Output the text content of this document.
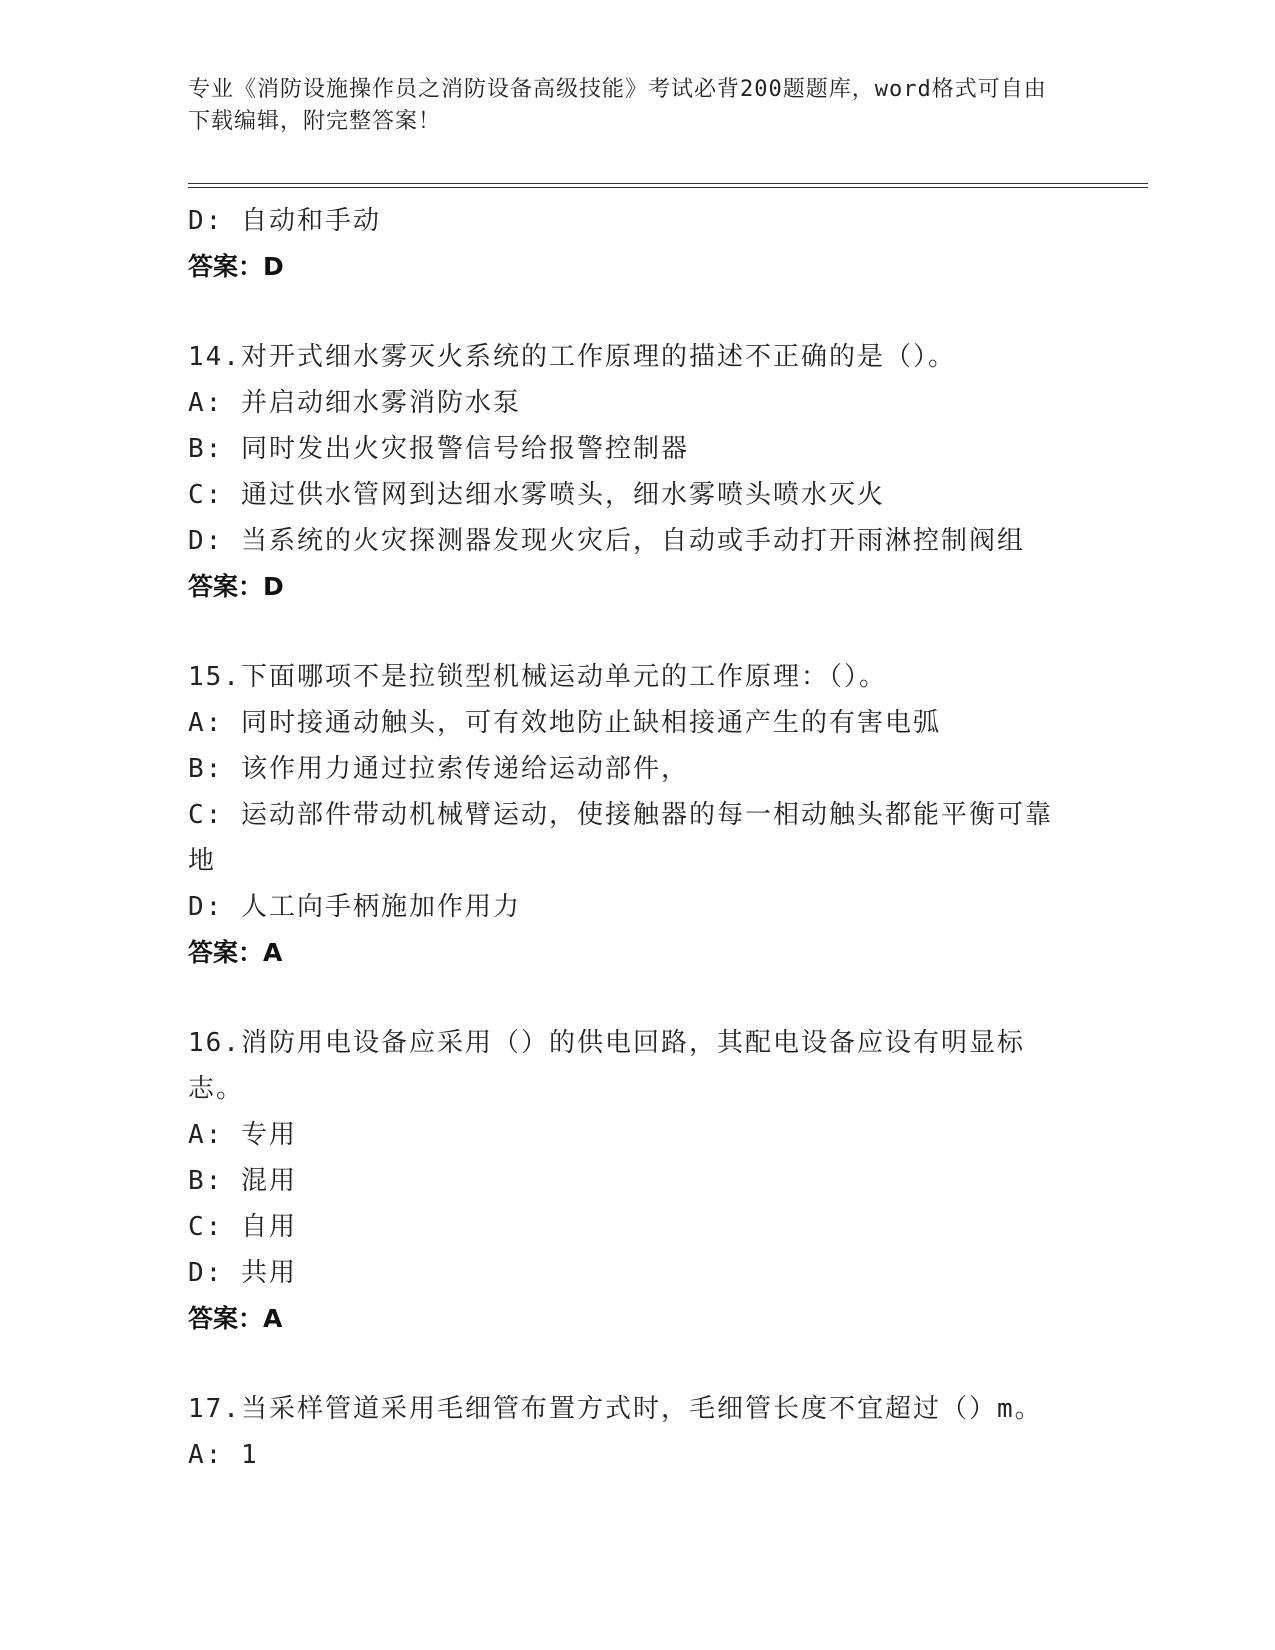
专业《消防设施操作员之消防设备高级技能》考试必背200题题库，word格式可自由下载编辑，附完整答案！
D: 自动和手动
答案：D
14.对开式细水雾灭火系统的工作原理的描述不正确的是（）。
A: 并启动细水雾消防水泵
B: 同时发出火灾报警信号给报警控制器
C: 通过供水管网到达细水雾喷头，细水雾喷头喷水灭火
D: 当系统的火灾探测器发现火灾后，自动或手动打开雨淋控制阀组
答案：D
15.下面哪项不是拉锁型机械运动单元的工作原理：（）。
A: 同时接通动触头，可有效地防止缺相接通产生的有害电弧
B: 该作用力通过拉索传递给运动部件，
C: 运动部件带动机械臂运动，使接触器的每一相动触头都能平衡可靠地
D: 人工向手柄施加作用力
答案：A
16.消防用电设备应采用（）的供电回路，其配电设备应设有明显标志。
A: 专用
B: 混用
C: 自用
D: 共用
答案：A
17.当采样管道采用毛细管布置方式时，毛细管长度不宜超过（）m。
A: 1
